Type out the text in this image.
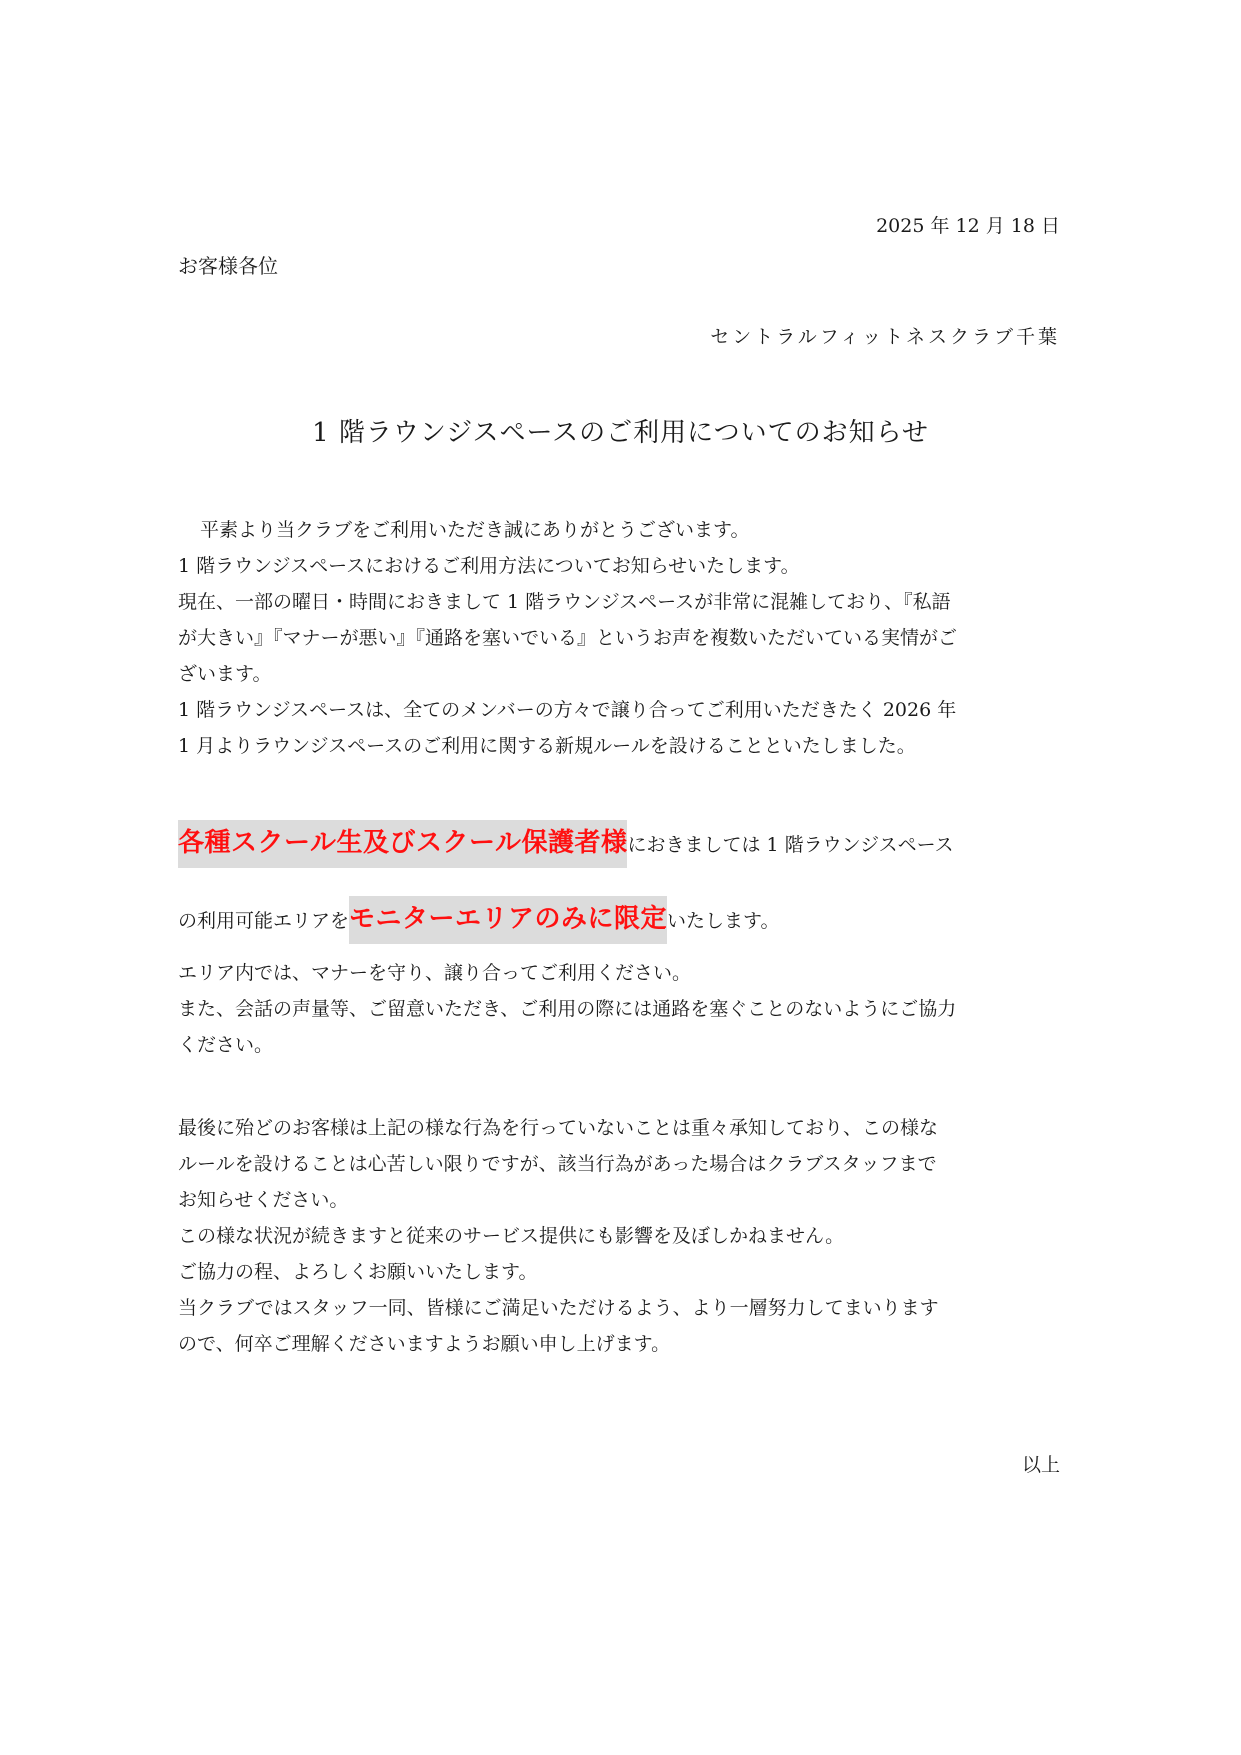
2025 年 12 月 18 日
お客様各位
セントラルフィットネスクラブ千葉
1 階ラウンジスペースのご利用についてのお知らせ
平素より当クラブをご利用いただき誠にありがとうございます。
1 階ラウンジスペースにおけるご利用方法についてお知らせいたします。
現在、一部の曜日・時間におきまして 1 階ラウンジスペースが非常に混雑しており、『私語
が大きい』『マナーが悪い』『通路を塞いでいる』というお声を複数いただいている実情がご
ざいます。
1 階ラウンジスペースは、全てのメンバーの方々で譲り合ってご利用いただきたく 2026 年
1 月よりラウンジスペースのご利用に関する新規ルールを設けることといたしました。
各種スクール生及びスクール保護者様におきましては 1 階ラウンジスペース
の利用可能エリアをモニターエリアのみに限定いたします。
エリア内では、マナーを守り、譲り合ってご利用ください。
また、会話の声量等、ご留意いただき、ご利用の際には通路を塞ぐことのないようにご協力
ください。
最後に殆どのお客様は上記の様な行為を行っていないことは重々承知しており、この様な
ルールを設けることは心苦しい限りですが、該当行為があった場合はクラブスタッフまで
お知らせください。
この様な状況が続きますと従来のサービス提供にも影響を及ぼしかねません。
ご協力の程、よろしくお願いいたします。
当クラブではスタッフ一同、皆様にご満足いただけるよう、より一層努力してまいります
ので、何卒ご理解くださいますようお願い申し上げます。
以上
